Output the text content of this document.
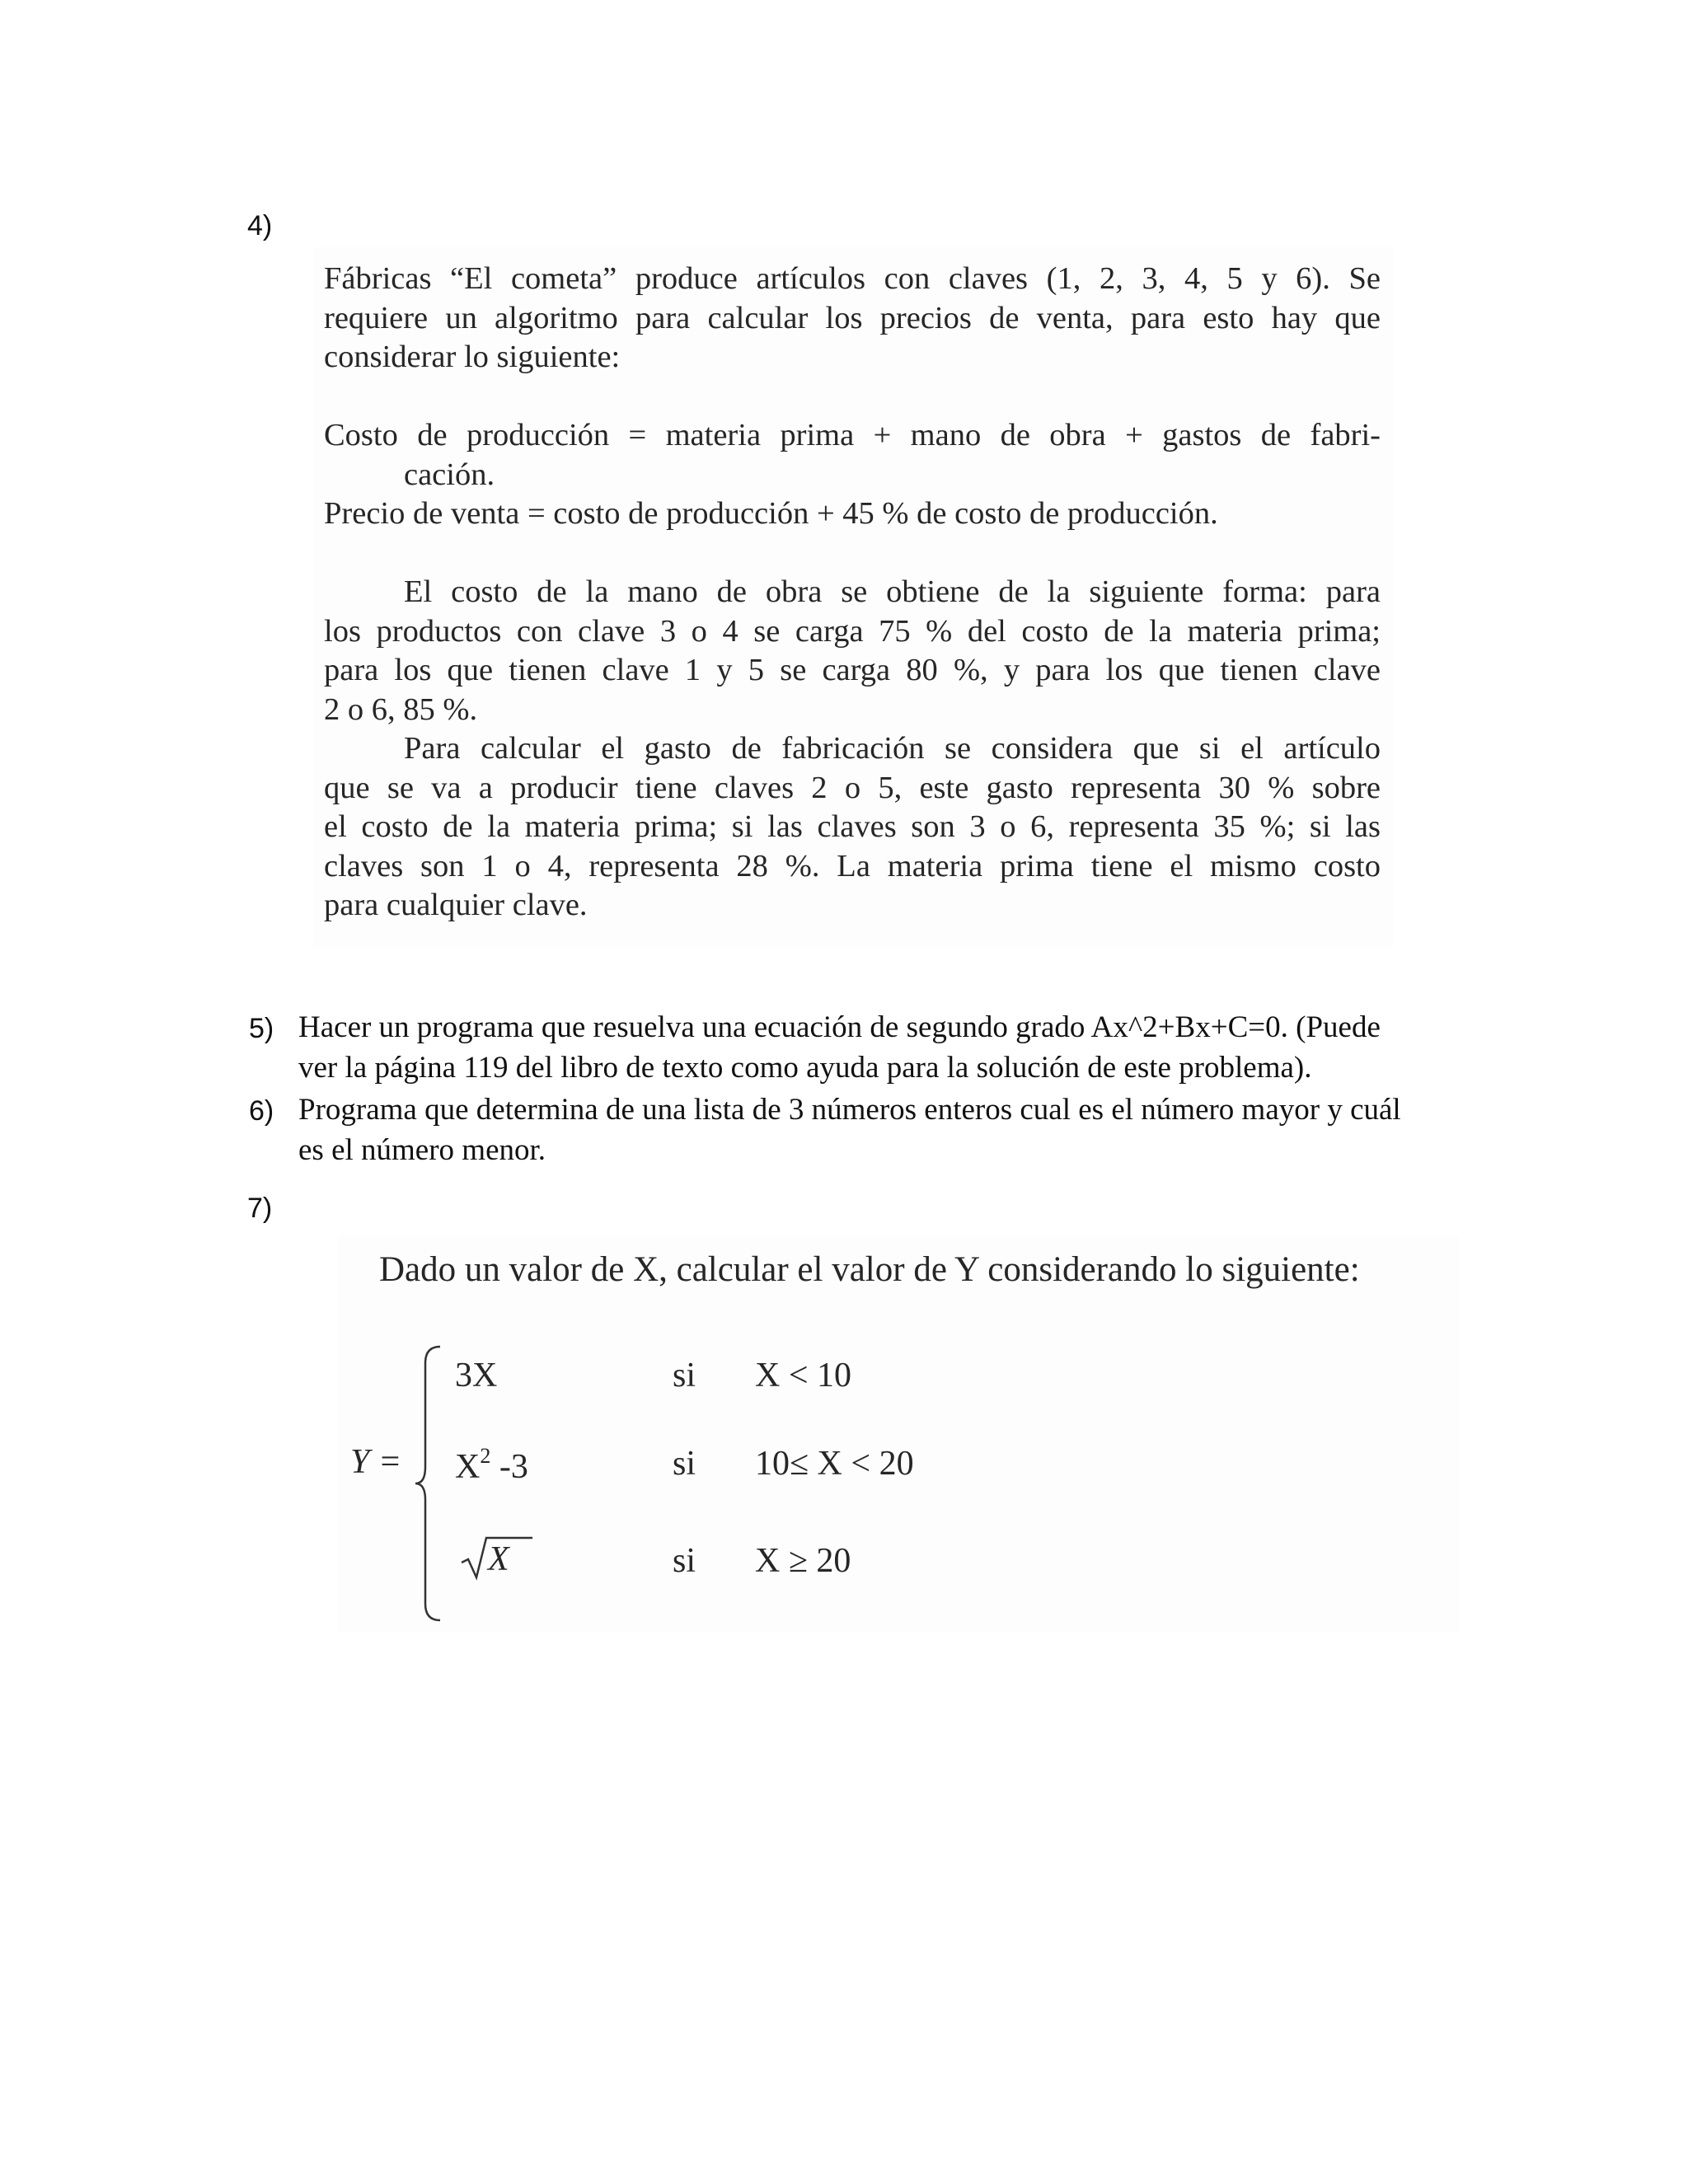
4)

Fábricas “El cometa” produce artículos con claves (1, 2, 3, 4, 5 y 6). Se
requiere un algoritmo para calcular los precios de venta, para esto hay que
considerar lo siguiente:

Costo de producción = materia prima + mano de obra + gastos de fabri-
cación.
Precio de venta = costo de producción + 45 % de costo de producción.

El costo de la mano de obra se obtiene de la siguiente forma: para
los productos con clave 3 o 4 se carga 75 % del costo de la materia prima;
para los que tienen clave 1 y 5 se carga 80 %, y para los que tienen clave
2 o 6, 85 %.
Para calcular el gasto de fabricación se considera que si el artículo
que se va a producir tiene claves 2 o 5, este gasto representa 30 % sobre
el costo de la materia prima; si las claves son 3 o 6, representa 35 %; si las
claves son 1 o 4, representa 28 %. La materia prima tiene el mismo costo
para cualquier clave.

5) Hacer un programa que resuelva una ecuación de segundo grado Ax^2+Bx+C=0. (Puede
ver la página 119 del libro de texto como ayuda para la solución de este problema).
6) Programa que determina de una lista de 3 números enteros cual es el número mayor y cuál
es el número menor.
7)
Dado un valor de X, calcular el valor de Y considerando lo siguiente:
Y =
3X	si X < 10
$X^2$ -3	si 10≤ X < 20
X	si X ≥ 20
